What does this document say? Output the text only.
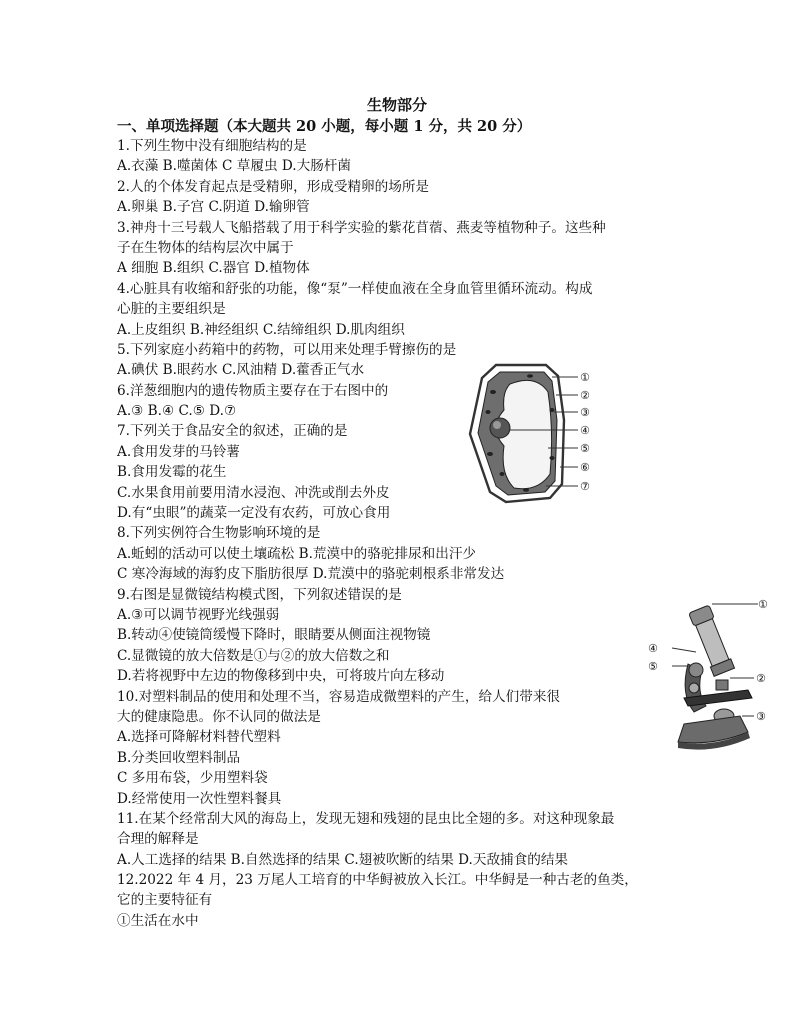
生物部分
一、单项选择题（本大题共 20 小题，每小题 1 分，共 20 分）
1.下列生物中没有细胞结构的是
A.衣藻 B.噬菌体 C 草履虫 D.大肠杆菌
2.人的个体发育起点是受精卵，形成受精卵的场所是
A.卵巢 B.子宫 C.阴道 D.输卵管
3.神舟十三号载人飞船搭载了用于科学实验的紫花苜蓿、燕麦等植物种子。这些种
子在生物体的结构层次中属于
A 细胞 B.组织 C.器官 D.植物体
4.心脏具有收缩和舒张的功能，像“泵”一样使血液在全身血管里循环流动。构成
心脏的主要组织是
A.上皮组织 B.神经组织 C.结缔组织 D.肌肉组织
5.下列家庭小药箱中的药物，可以用来处理手臂擦伤的是
A.碘伏 B.眼药水 C.风油精 D.藿香正气水
6.洋葱细胞内的遗传物质主要存在于右图中的
A.③ B.④ C.⑤ D.⑦
7.下列关于食品安全的叙述，正确的是
A.食用发芽的马铃薯
B.食用发霉的花生
C.水果食用前要用清水浸泡、冲洗或削去外皮
D.有“虫眼”的蔬菜一定没有农药，可放心食用
8.下列实例符合生物影响环境的是
A.蚯蚓的活动可以使土壤疏松 B.荒漠中的骆驼排尿和出汗少
C 寒冷海域的海豹皮下脂肪很厚 D.荒漠中的骆驼刺根系非常发达
9.右图是显微镜结构模式图，下列叙述错误的是
A.③可以调节视野光线强弱
B.转动④使镜筒缓慢下降时，眼睛要从侧面注视物镜
C.显微镜的放大倍数是①与②的放大倍数之和
D.若将视野中左边的物像移到中央，可将玻片向左移动
10.对塑料制品的使用和处理不当，容易造成微塑料的产生，给人们带来很
大的健康隐患。你不认同的做法是
A.选择可降解材料替代塑料
B.分类回收塑料制品
C 多用布袋，少用塑料袋
D.经常使用一次性塑料餐具
11.在某个经常刮大风的海岛上，发现无翅和残翅的昆虫比全翅的多。对这种现象最
合理的解释是
A.人工选择的结果 B.自然选择的结果 C.翅被吹断的结果 D.天敌捕食的结果
12.2022 年 4 月，23 万尾人工培育的中华鲟被放入长江。中华鲟是一种古老的鱼类，
它的主要特征有
①生活在水中
①
②
③
④
⑤
⑥
⑦
①
②
③
④
⑤
